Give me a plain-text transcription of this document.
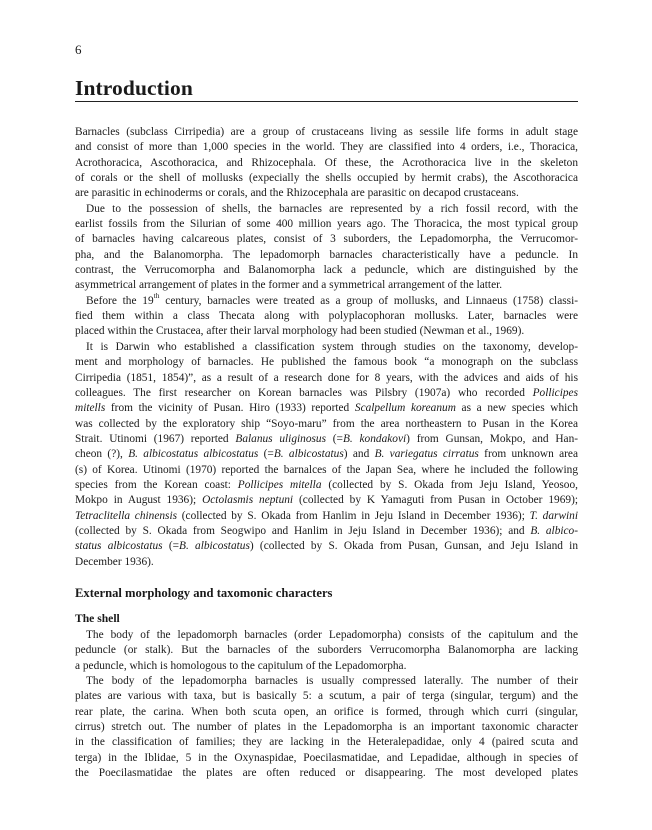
6
Introduction
Barnacles (subclass Cirripedia) are a group of crustaceans living as sessile life forms in adult stage
and consist of more than 1,000 species in the world. They are classified into 4 orders, i.e., Thoracica,
Acrothoracica, Ascothoracica, and Rhizocephala. Of these, the Acrothoracica live in the skeleton
of corals or the shell of mollusks (expecially the shells occupied by hermit crabs), the Ascothoracica
are parasitic in echinoderms or corals, and the Rhizocephala are parasitic on decapod crustaceans.
Due to the possession of shells, the barnacles are represented by a rich fossil record, with the
earlist fossils from the Silurian of some 400 million years ago. The Thoracica, the most typical group
of barnacles having calcareous plates, consist of 3 suborders, the Lepadomorpha, the Verrucomor-
pha, and the Balanomorpha. The lepadomorph barnacles characteristically have a peduncle. In
contrast, the Verrucomorpha and Balanomorpha lack a peduncle, which are distinguished by the
asymmetrical arrangement of plates in the former and a symmetrical arrangement of the latter.
Before the 19th century, barnacles were treated as a group of mollusks, and Linnaeus (1758) classi-
fied them within a class Thecata along with polyplacophoran mollusks. Later, barnacles were
placed within the Crustacea, after their larval morphology had been studied (Newman et al., 1969).
It is Darwin who established a classification system through studies on the taxonomy, develop-
ment and morphology of barnacles. He published the famous book “a monograph on the subclass
Cirripedia (1851, 1854)”, as a result of a research done for 8 years, with the advices and aids of his
colleagues. The first researcher on Korean barnacles was Pilsbry (1907a) who recorded Pollicipes
mitells from the vicinity of Pusan. Hiro (1933) reported Scalpellum koreanum as a new species which
was collected by the exploratory ship “Soyo-maru” from the area northeastern to Pusan in the Korea
Strait. Utinomi (1967) reported Balanus uliginosus (=B. kondakovi) from Gunsan, Mokpo, and Han-
cheon (?), B. albicostatus albicostatus (=B. albicostatus) and B. variegatus cirratus from unknown area
(s) of Korea. Utinomi (1970) reported the barnalces of the Japan Sea, where he included the following
species from the Korean coast: Pollicipes mitella (collected by S. Okada from Jeju Island, Yeosoo,
Mokpo in August 1936); Octolasmis neptuni (collected by K Yamaguti from Pusan in October 1969);
Tetraclitella chinensis (collected by S. Okada from Hanlim in Jeju Island in December 1936); T. darwini
(collected by S. Okada from Seogwipo and Hanlim in Jeju Island in December 1936); and B. albico-
status albicostatus (=B. albicostatus) (collected by S. Okada from Pusan, Gunsan, and Jeju Island in
December 1936).
External morphology and taxomonic characters
The shell
The body of the lepadomorph barnacles (order Lepadomorpha) consists of the capitulum and the
peduncle (or stalk). But the barnacles of the suborders Verrucomorpha Balanomorpha are lacking
a peduncle, which is homologous to the capitulum of the Lepadomorpha.
The body of the lepadomorpha barnacles is usually compressed laterally. The number of their
plates are various with taxa, but is basically 5: a scutum, a pair of terga (singular, tergum) and the
rear plate, the carina. When both scuta open, an orifice is formed, through which curri (singular,
cirrus) stretch out. The number of plates in the Lepadomorpha is an important taxonomic character
in the classification of families; they are lacking in the Heteralepadidae, only 4 (paired scuta and
terga) in the Iblidae, 5 in the Oxynaspidae, Poecilasmatidae, and Lepadidae, although in species of
the Poecilasmatidae the plates are often reduced or disappearing. The most developed plates
